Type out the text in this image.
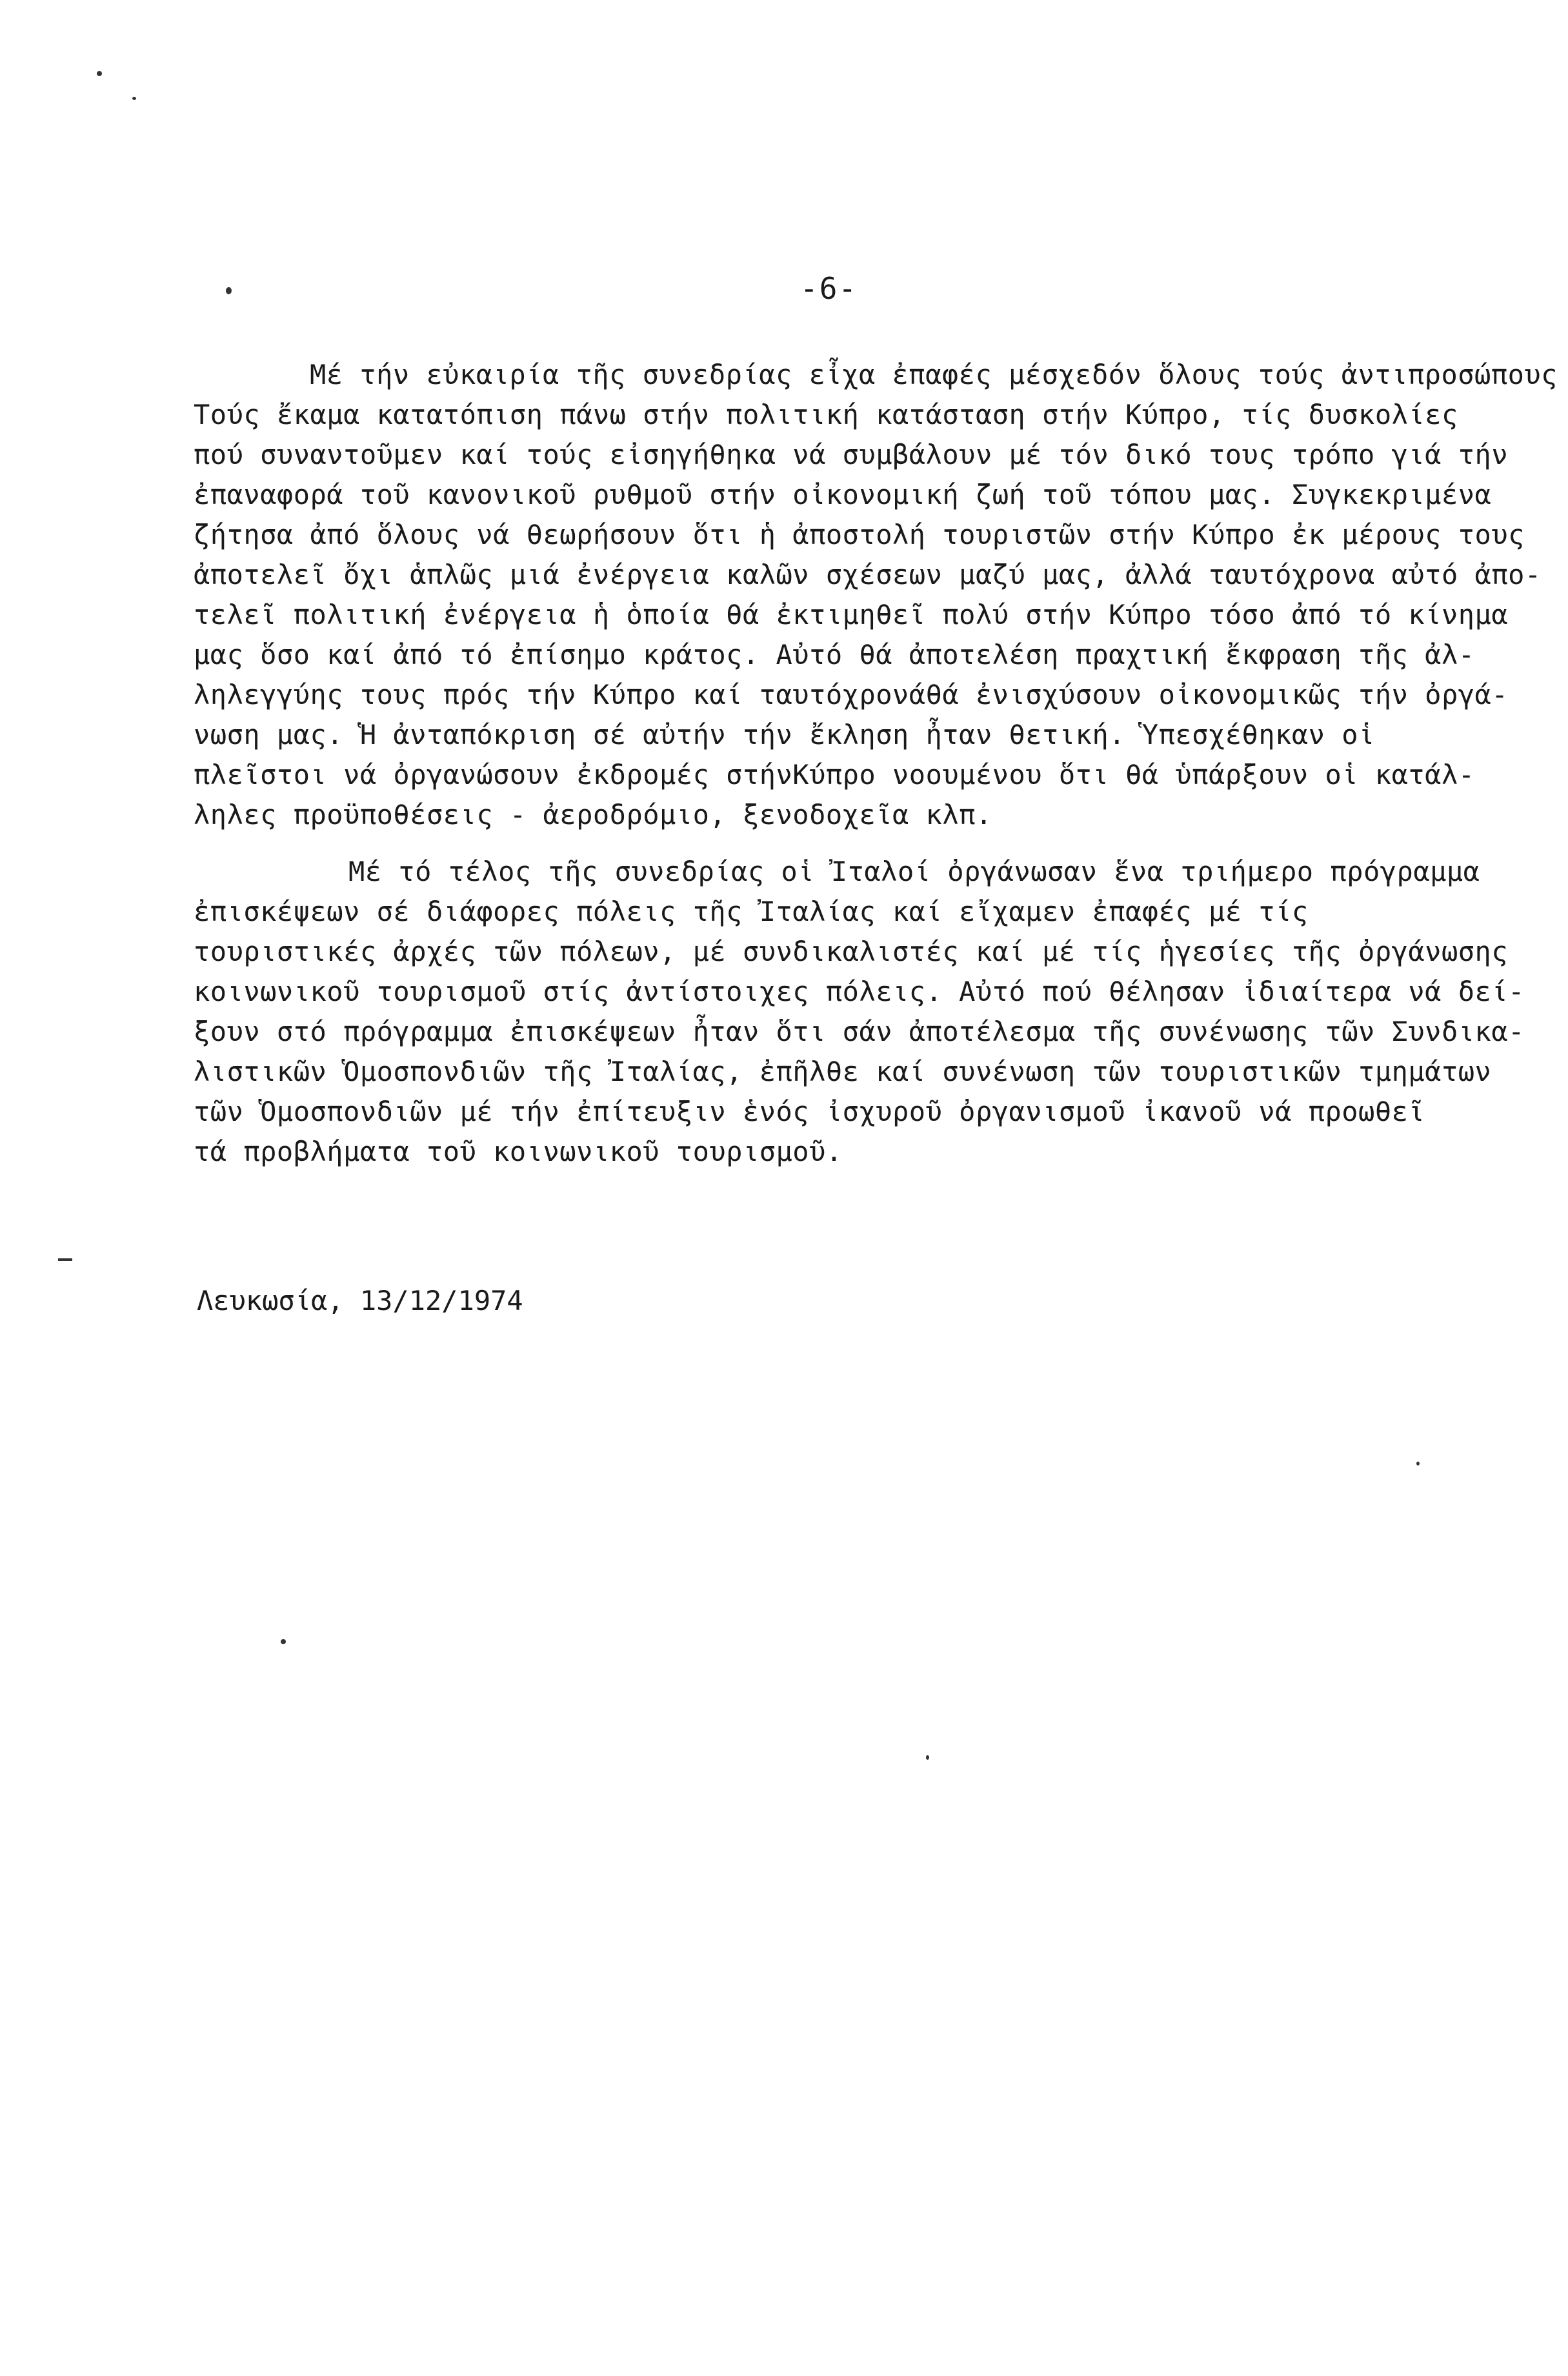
-6-
Μέ τήν εὐκαιρία τῆς συνεδρίας εἶχα ἐπαφές μέσχεδόν ὅλους τούς ἀντιπροσώπους
Τούς ἔκαμα κατατόπιση πάνω στήν πολιτική κατάσταση στήν Κύπρο, τίς δυσκολίες
πού συναντοῦμεν καί τούς εἰσηγήθηκα νά συμβάλουν μέ τόν δικό τους τρόπο γιά τήν
ἐπαναφορά τοῦ κανονικοῦ ρυθμοῦ στήν οἰκονομική ζωή τοῦ τόπου μας. Συγκεκριμένα
ζήτησα ἀπό ὅλους νά θεωρήσουν ὅτι ἡ ἀποστολή τουριστῶν στήν Κύπρο ἐκ μέρους τους
ἀποτελεῖ ὄχι ἁπλῶς μιά ἐνέργεια καλῶν σχέσεων μαζύ μας, ἀλλά ταυτόχρονα αὐτό ἀπο-
τελεῖ πολιτική ἐνέργεια ἡ ὁποία θά ἐκτιμηθεῖ πολύ στήν Κύπρο τόσο ἀπό τό κίνημα
μας ὅσο καί ἀπό τό ἐπίσημο κράτος. Αὐτό θά ἀποτελέση πραχτική ἔκφραση τῆς ἀλ-
ληλεγγύης τους πρός τήν Κύπρο καί ταυτόχρονάθά ἐνισχύσουν οἰκονομικῶς τήν ὀργά-
νωση μας. Ἡ ἀνταπόκριση σέ αὐτήν τήν ἔκληση ἦταν θετική. Ὑπεσχέθηκαν οἱ
πλεῖστοι νά ὀργανώσουν ἐκδρομές στήνΚύπρο νοουμένου ὅτι θά ὑπάρξουν οἱ κατάλ-
ληλες προϋποθέσεις - ἀεροδρόμιο, ξενοδοχεῖα κλπ.
Μέ τό τέλος τῆς συνεδρίας οἱ Ἰταλοί ὀργάνωσαν ἕνα τριήμερο πρόγραμμα
ἐπισκέψεων σέ διάφορες πόλεις τῆς Ἰταλίας καί εἴχαμεν ἐπαφές μέ τίς
τουριστικές ἀρχές τῶν πόλεων, μέ συνδικαλιστές καί μέ τίς ἡγεσίες τῆς ὀργάνωσης
κοινωνικοῦ τουρισμοῦ στίς ἀντίστοιχες πόλεις. Αὐτό πού θέλησαν ἰδιαίτερα νά δεί-
ξουν στό πρόγραμμα ἐπισκέψεων ἦταν ὅτι σάν ἀποτέλεσμα τῆς συνένωσης τῶν Συνδικα-
λιστικῶν Ὁμοσπονδιῶν τῆς Ἰταλίας, ἐπῆλθε καί συνένωση τῶν τουριστικῶν τμημάτων
τῶν Ὁμοσπονδιῶν μέ τήν ἐπίτευξιν ἑνός ἰσχυροῦ ὀργανισμοῦ ἰκανοῦ νά προωθεῖ
τά προβλήματα τοῦ κοινωνικοῦ τουρισμοῦ.
Λευκωσία, 13/12/1974
